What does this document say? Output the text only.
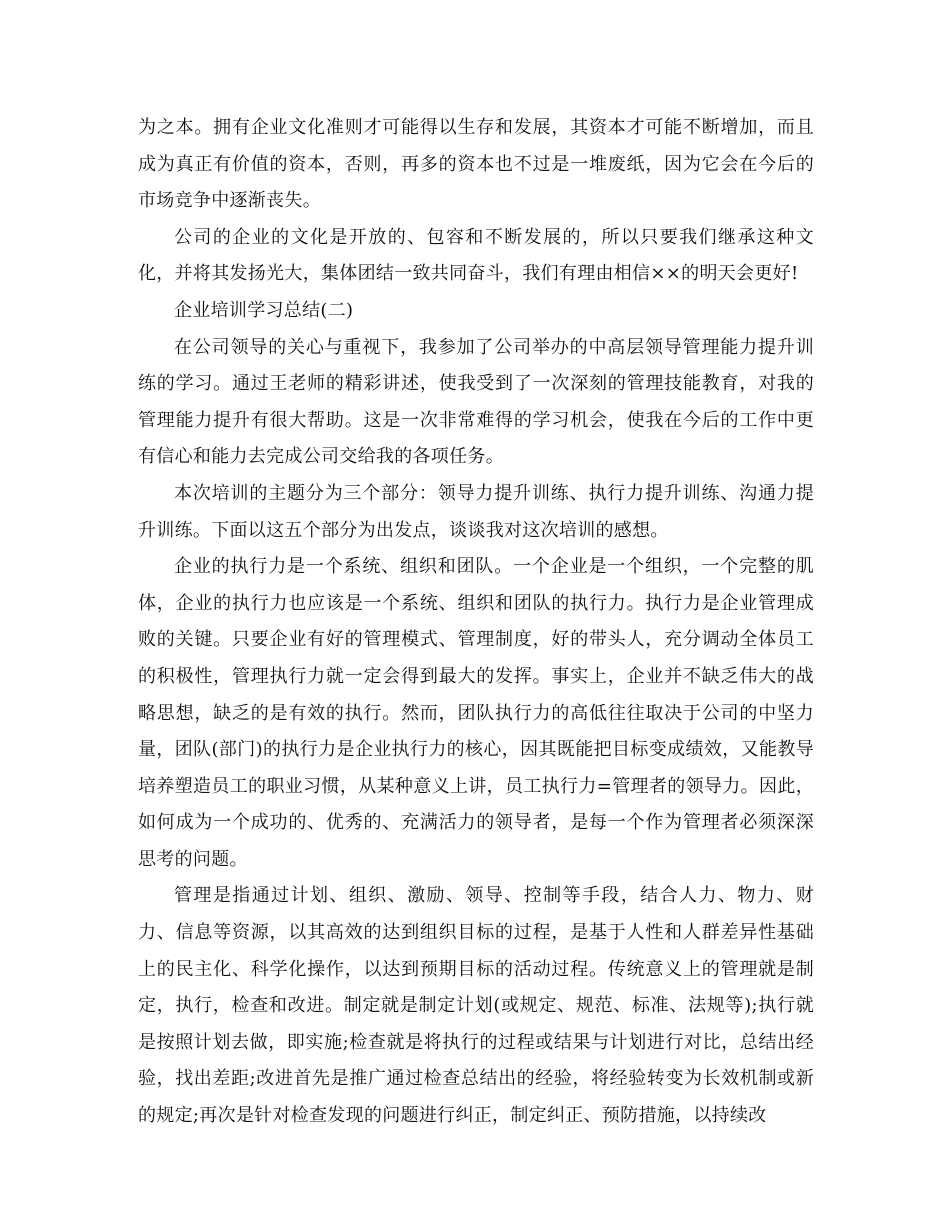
为之本。拥有企业文化准则才可能得以生存和发展，其资本才可能不断增加，而且成为真正有价值的资本，否则，再多的资本也不过是一堆废纸，因为它会在今后的市场竞争中逐渐丧失。

公司的企业的文化是开放的、包容和不断发展的，所以只要我们继承这种文化，并将其发扬光大，集体团结一致共同奋斗，我们有理由相信××的明天会更好!

企业培训学习总结(二)

在公司领导的关心与重视下，我参加了公司举办的中高层领导管理能力提升训练的学习。通过王老师的精彩讲述，使我受到了一次深刻的管理技能教育，对我的管理能力提升有很大帮助。这是一次非常难得的学习机会，使我在今后的工作中更有信心和能力去完成公司交给我的各项任务。

本次培训的主题分为三个部分：领导力提升训练、执行力提升训练、沟通力提升训练。下面以这五个部分为出发点，谈谈我对这次培训的感想。

企业的执行力是一个系统、组织和团队。一个企业是一个组织，一个完整的肌体，企业的执行力也应该是一个系统、组织和团队的执行力。执行力是企业管理成败的关键。只要企业有好的管理模式、管理制度，好的带头人，充分调动全体员工的积极性，管理执行力就一定会得到最大的发挥。事实上，企业并不缺乏伟大的战略思想，缺乏的是有效的执行。然而，团队执行力的高低往往取决于公司的中坚力量，团队(部门)的执行力是企业执行力的核心，因其既能把目标变成绩效，又能教导培养塑造员工的职业习惯，从某种意义上讲，员工执行力=管理者的领导力。因此，如何成为一个成功的、优秀的、充满活力的领导者，是每一个作为管理者必须深深思考的问题。

管理是指通过计划、组织、激励、领导、控制等手段，结合人力、物力、财力、信息等资源，以其高效的达到组织目标的过程，是基于人性和人群差异性基础上的民主化、科学化操作，以达到预期目标的活动过程。传统意义上的管理就是制定，执行，检查和改进。制定就是制定计划(或规定、规范、标准、法规等);执行就是按照计划去做，即实施;检查就是将执行的过程或结果与计划进行对比，总结出经验，找出差距;改进首先是推广通过检查总结出的经验，将经验转变为长效机制或新的规定;再次是针对检查发现的问题进行纠正，制定纠正、预防措施，以持续改
